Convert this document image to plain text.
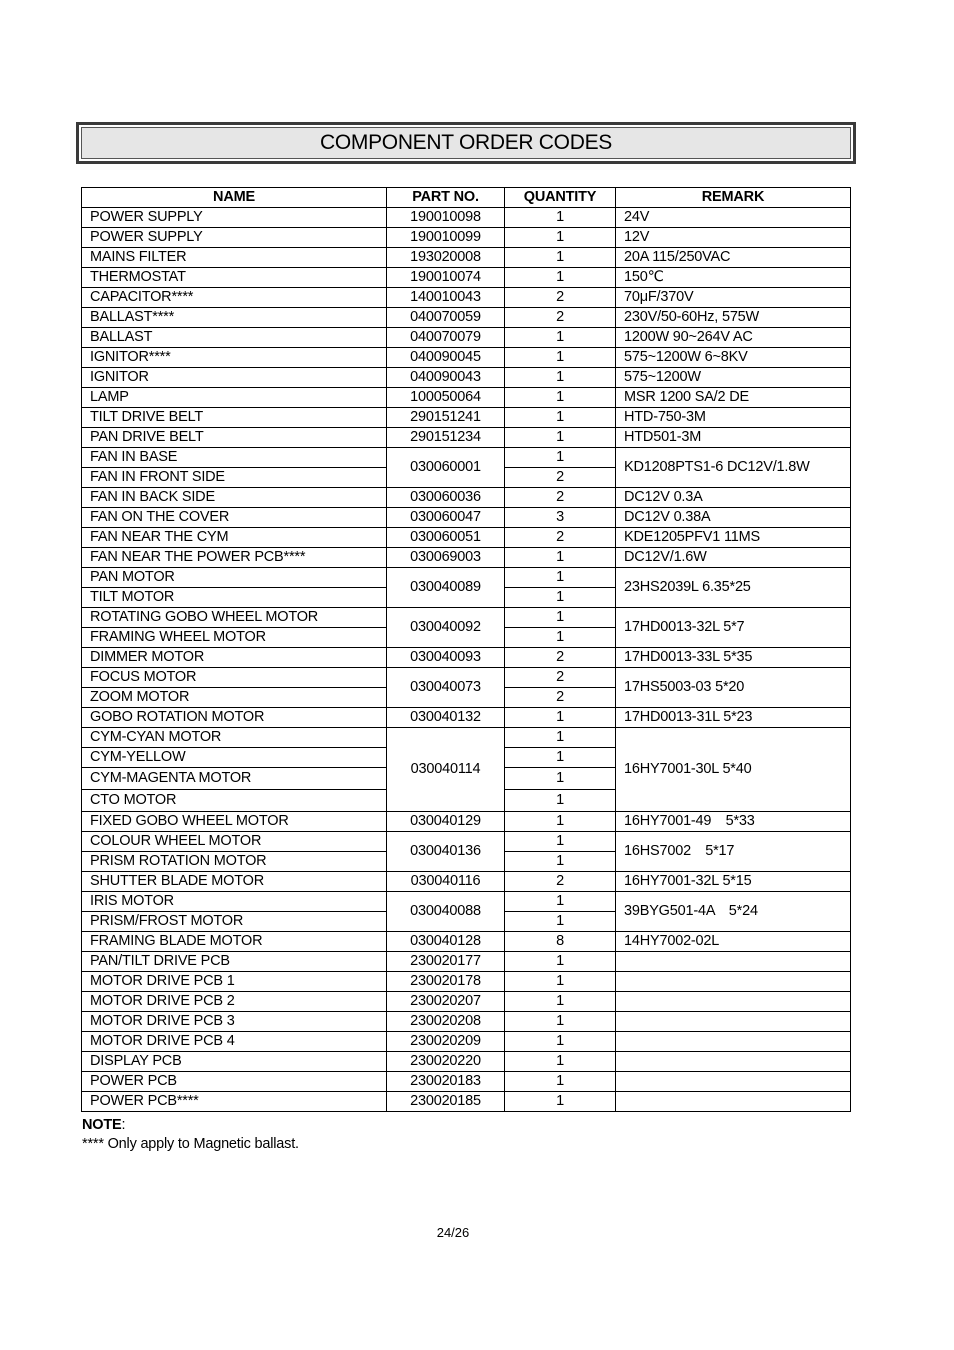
COMPONENT ORDER CODES
NAME	PART NO.	QUANTITY	REMARK
POWER SUPPLY	190010098	1	24V
POWER SUPPLY	190010099	1	12V
MAINS FILTER	193020008	1	20A 115/250VAC
THERMOSTAT	190010074	1	150℃
CAPACITOR****	140010043	2	70μF/370V
BALLAST****	040070059	2	230V/50-60Hz, 575W
BALLAST	040070079	1	1200W 90~264V AC
IGNITOR****	040090045	1	575~1200W 6~8KV
IGNITOR	040090043	1	575~1200W
LAMP	100050064	1	MSR 1200 SA/2 DE
TILT DRIVE BELT	290151241	1	HTD-750-3M
PAN DRIVE BELT	290151234	1	HTD501-3M
FAN IN BASE	030060001	1	KD1208PTS1-6 DC12V/1.8W
FAN IN FRONT SIDE		2	
FAN IN BACK SIDE	030060036	2	DC12V 0.3A
FAN ON THE COVER	030060047	3	DC12V 0.38A
FAN NEAR THE CYM	030060051	2	KDE1205PFV1 11MS
FAN NEAR THE POWER PCB****	030069003	1	DC12V/1.6W
PAN MOTOR	030040089	1	23HS2039L 6.35*25
TILT MOTOR		1	
ROTATING GOBO WHEEL MOTOR	030040092	1	17HD0013-32L 5*7
FRAMING WHEEL MOTOR		1	
DIMMER MOTOR	030040093	2	17HD0013-33L 5*35
FOCUS MOTOR	030040073	2	17HS5003-03 5*20
ZOOM MOTOR		2	
GOBO ROTATION MOTOR	030040132	1	17HD0013-31L 5*23
CYM-CYAN MOTOR	030040114	1	16HY7001-30L 5*40
CYM-YELLOW		1	
CYM-MAGENTA MOTOR		1	
CTO MOTOR		1	
FIXED GOBO WHEEL MOTOR	030040129	1	16HY7001-49　5*33
COLOUR WHEEL MOTOR	030040136	1	16HS7002　5*17
PRISM ROTATION MOTOR		1	
SHUTTER BLADE MOTOR	030040116	2	16HY7001-32L 5*15
IRIS MOTOR	030040088	1	39BYG501-4A　5*24
PRISM/FROST MOTOR		1	
FRAMING BLADE MOTOR	030040128	8	14HY7002-02L
PAN/TILT DRIVE PCB	230020177	1	
MOTOR DRIVE PCB 1	230020178	1	
MOTOR DRIVE PCB 2	230020207	1	
MOTOR DRIVE PCB 3	230020208	1	
MOTOR DRIVE PCB 4	230020209	1	
DISPLAY PCB	230020220	1	
POWER PCB	230020183	1	
POWER PCB****	230020185	1	
NOTE:
**** Only apply to Magnetic ballast.
24/26
